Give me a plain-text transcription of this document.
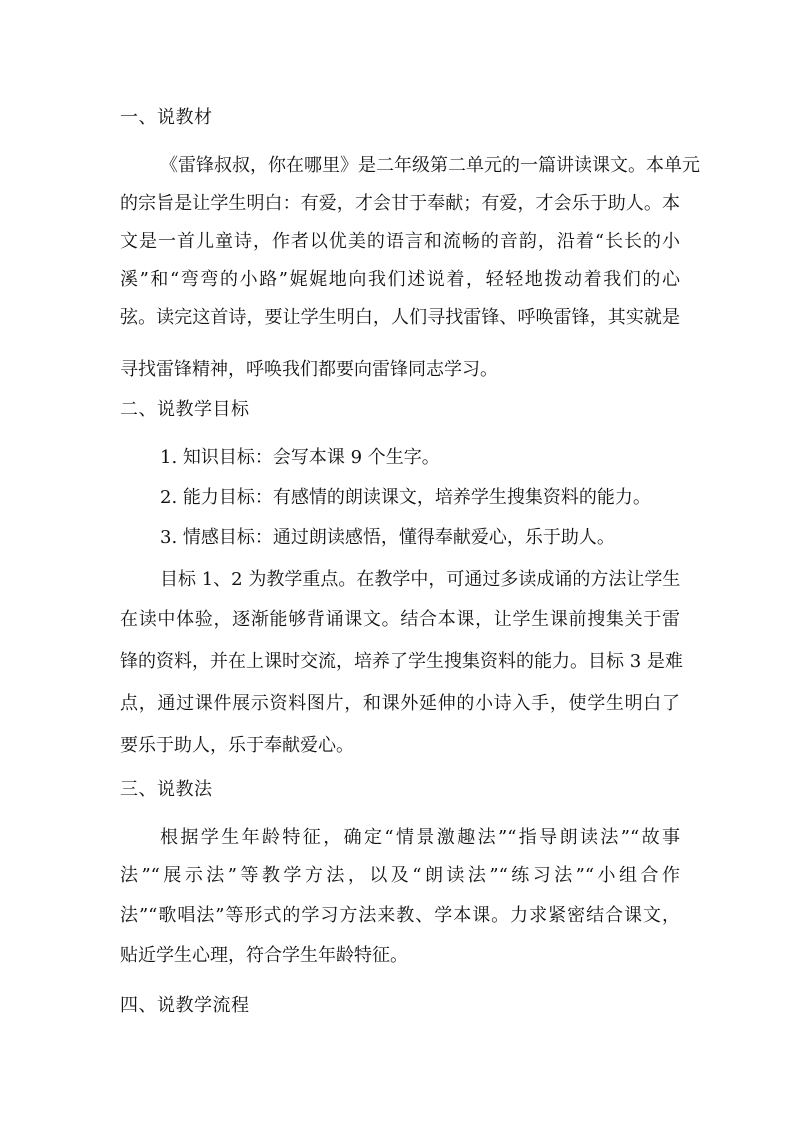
一、说教材
《雷锋叔叔，你在哪里》是二年级第二单元的一篇讲读课文。本单元
的宗旨是让学生明白：有爱，才会甘于奉献；有爱，才会乐于助人。本
文是一首儿童诗，作者以优美的语言和流畅的音韵，沿着“长长的小
溪”和“弯弯的小路”娓娓地向我们述说着，轻轻地拨动着我们的心
弦。读完这首诗，要让学生明白，人们寻找雷锋、呼唤雷锋，其实就是
寻找雷锋精神，呼唤我们都要向雷锋同志学习。
二、说教学目标
1. 知识目标：会写本课 9 个生字。
2. 能力目标：有感情的朗读课文，培养学生搜集资料的能力。
3. 情感目标：通过朗读感悟，懂得奉献爱心，乐于助人。
目标 1、2 为教学重点。在教学中，可通过多读成诵的方法让学生
在读中体验，逐渐能够背诵课文。结合本课，让学生课前搜集关于雷
锋的资料，并在上课时交流，培养了学生搜集资料的能力。目标 3 是难
点，通过课件展示资料图片，和课外延伸的小诗入手，使学生明白了
要乐于助人，乐于奉献爱心。
三、说教法
根据学生年龄特征，确定“情景激趣法”“指导朗读法”“故事
法”“展示法”等教学方法，以及“朗读法”“练习法”“小组合作
法”“歌唱法”等形式的学习方法来教、学本课。力求紧密结合课文，
贴近学生心理，符合学生年龄特征。
四、说教学流程
